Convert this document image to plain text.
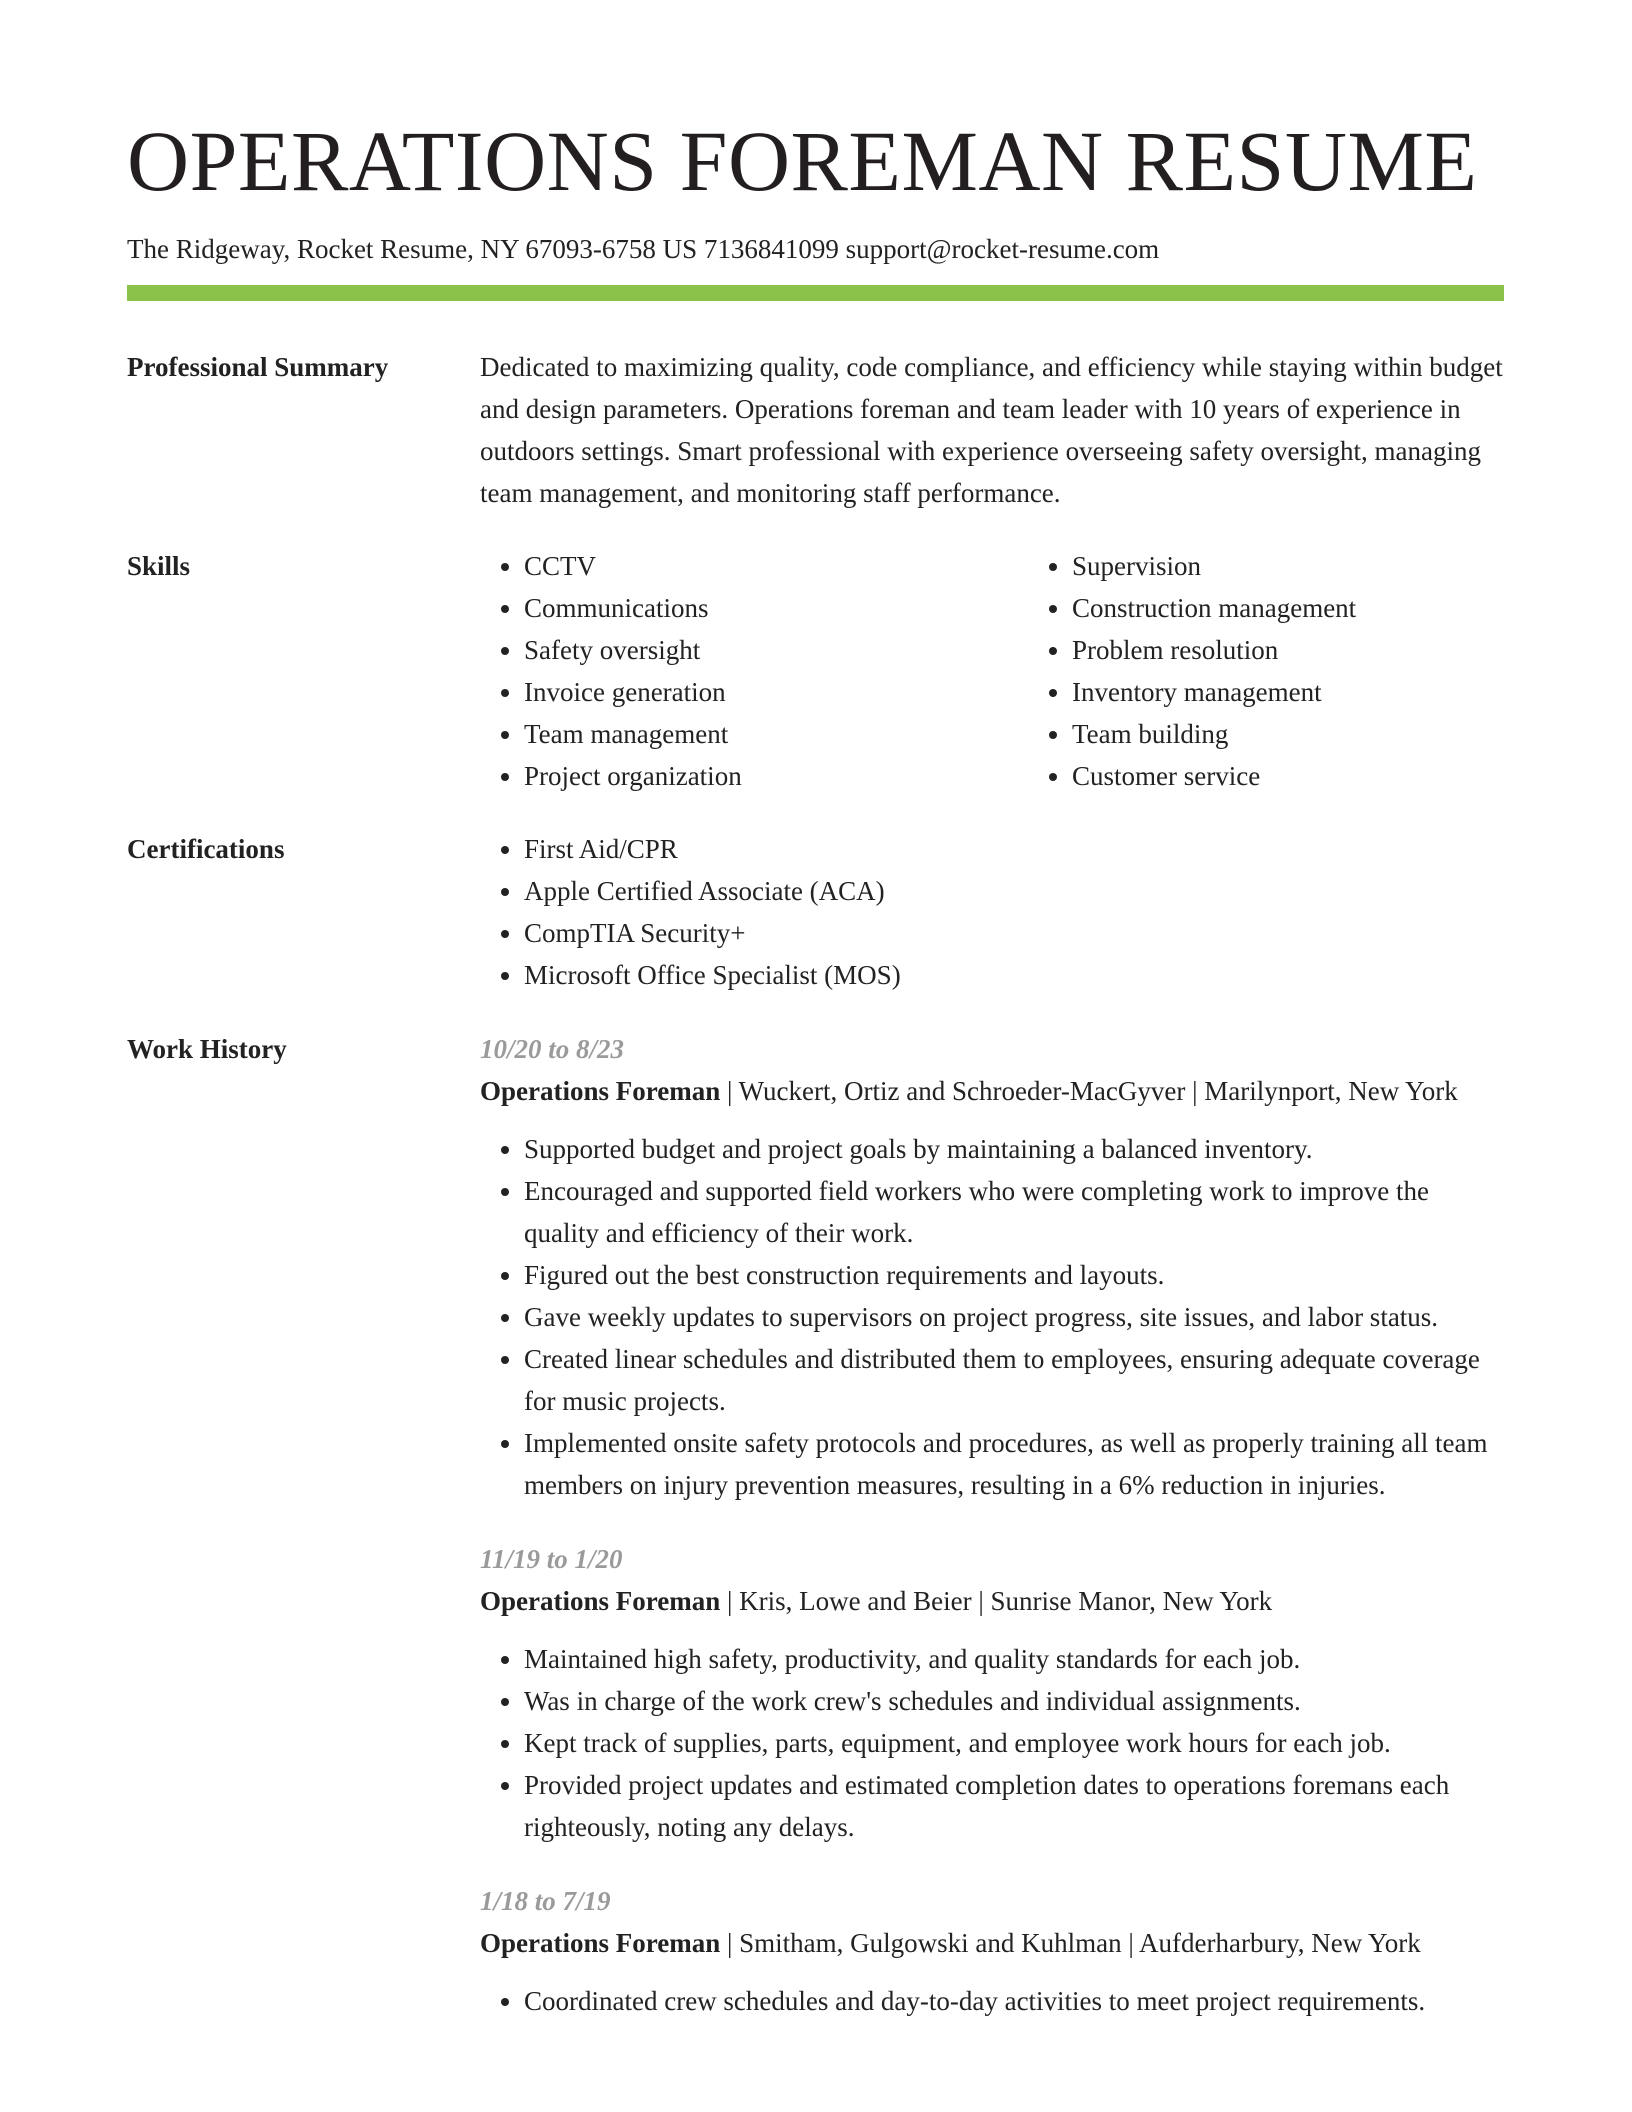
OPERATIONS FOREMAN RESUME
The Ridgeway, Rocket Resume, NY 67093-6758 US 7136841099 support@rocket-resume.com
Professional Summary	Dedicated to maximizing quality, code compliance, and efficiency while staying within budget and design parameters. Operations foreman and team leader with 10 years of experience in outdoors settings. Smart professional with experience overseeing safety oversight, managing team management, and monitoring staff performance.

Skills	• CCTV
• Communications
• Safety oversight
• Invoice generation
• Team management
• Project organization
• Supervision
• Construction management
• Problem resolution
• Inventory management
• Team building
• Customer service
Certifications	• First Aid/CPR
• Apple Certified Associate (ACA)
• CompTIA Security+
• Microsoft Office Specialist (MOS)
Work History	10/20 to 8/23
Operations Foreman | Wuckert, Ortiz and Schroeder-MacGyver | Marilynport, New York
• Supported budget and project goals by maintaining a balanced inventory.
• Encouraged and supported field workers who were completing work to improve the quality and efficiency of their work.
• Figured out the best construction requirements and layouts.
• Gave weekly updates to supervisors on project progress, site issues, and labor status.
• Created linear schedules and distributed them to employees, ensuring adequate coverage for music projects.
• Implemented onsite safety protocols and procedures, as well as properly training all team members on injury prevention measures, resulting in a 6% reduction in injuries.
11/19 to 1/20
Operations Foreman | Kris, Lowe and Beier | Sunrise Manor, New York
• Maintained high safety, productivity, and quality standards for each job.
• Was in charge of the work crew's schedules and individual assignments.
• Kept track of supplies, parts, equipment, and employee work hours for each job.
• Provided project updates and estimated completion dates to operations foremans each righteously, noting any delays.
1/18 to 7/19
Operations Foreman | Smitham, Gulgowski and Kuhlman | Aufderharbury, New York
• Coordinated crew schedules and day-to-day activities to meet project requirements.
